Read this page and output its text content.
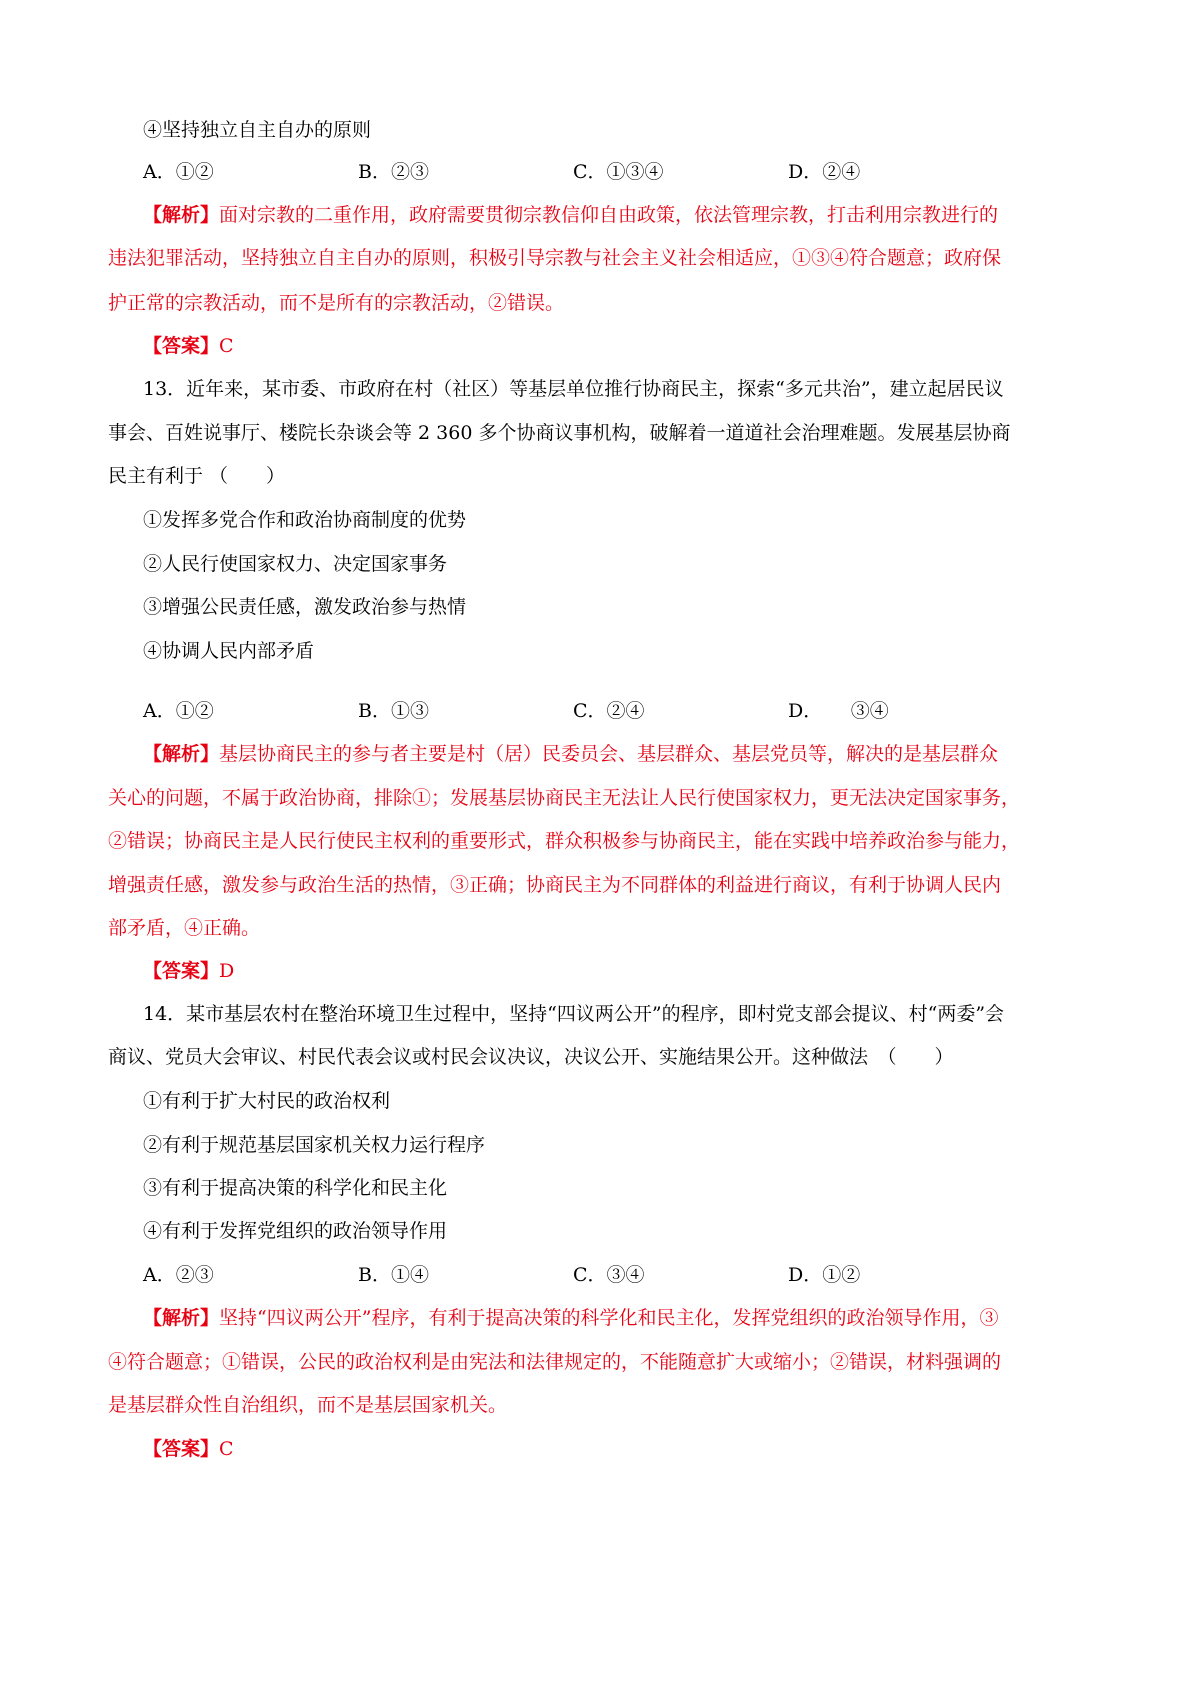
④坚持独立自主自办的原则
A．①②	B．②③	C．①③④	D．②④
【解析】面对宗教的二重作用，政府需要贯彻宗教信仰自由政策，依法管理宗教，打击利用宗教进行的
违法犯罪活动，坚持独立自主自办的原则，积极引导宗教与社会主义社会相适应，①③④符合题意；政府保
护正常的宗教活动，而不是所有的宗教活动，②错误。
【答案】C
13．近年来，某市委、市政府在村（社区）等基层单位推行协商民主，探索“多元共治”，建立起居民议
事会、百姓说事厅、楼院长杂谈会等 2 360 多个协商议事机构，破解着一道道社会治理难题。发展基层协商
民主有利于 （　　）
①发挥多党合作和政治协商制度的优势
②人民行使国家权力、决定国家事务
③增强公民责任感，激发政治参与热情
④协调人民内部矛盾
A．①②	B．①③	C．②④	D．　　③④
【解析】基层协商民主的参与者主要是村（居）民委员会、基层群众、基层党员等，解决的是基层群众
关心的问题，不属于政治协商，排除①；发展基层协商民主无法让人民行使国家权力，更无法决定国家事务，
②错误；协商民主是人民行使民主权利的重要形式，群众积极参与协商民主，能在实践中培养政治参与能力，
增强责任感，激发参与政治生活的热情，③正确；协商民主为不同群体的利益进行商议，有利于协调人民内
部矛盾，④正确。
【答案】D
14．某市基层农村在整治环境卫生过程中，坚持“四议两公开”的程序，即村党支部会提议、村“两委”会
商议、党员大会审议、村民代表会议或村民会议决议，决议公开、实施结果公开。这种做法　（　　）
①有利于扩大村民的政治权利
②有利于规范基层国家机关权力运行程序
③有利于提高决策的科学化和民主化
④有利于发挥党组织的政治领导作用
A．②③	B．①④	C．③④	D．①②
【解析】坚持“四议两公开”程序，有利于提高决策的科学化和民主化，发挥党组织的政治领导作用，③
④符合题意；①错误，公民的政治权利是由宪法和法律规定的，不能随意扩大或缩小；②错误，材料强调的
是基层群众性自治组织，而不是基层国家机关。
【答案】C
